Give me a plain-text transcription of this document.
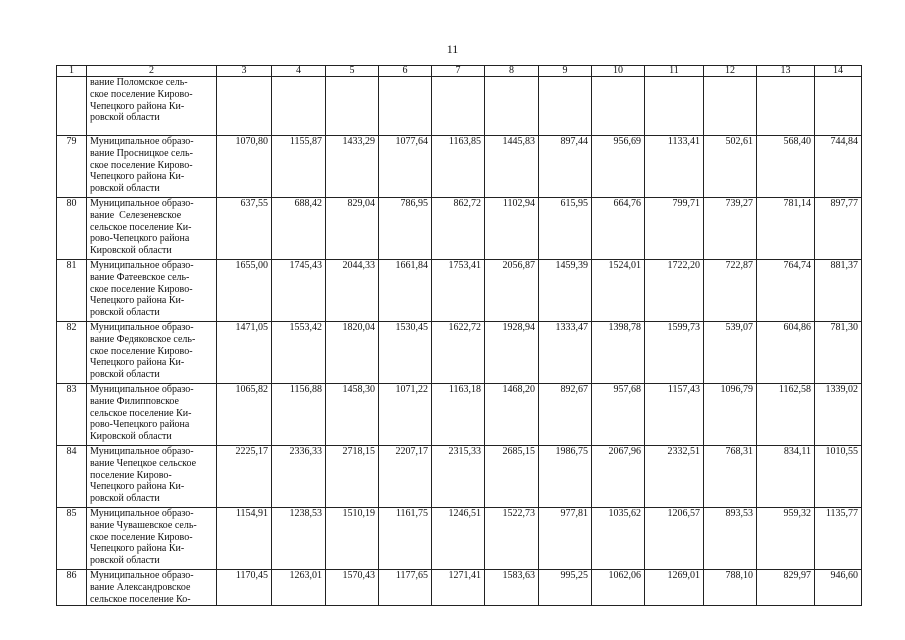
11
1	2	3	4	5	6	7	8	9	10	11	12	13	14
	вание Поломское сель-
ское поселение Кирово-
Чепецкого района Ки-
ровской области												
79	Муниципальное образо-
вание Просницкое сель-
ское поселение Кирово-
Чепецкого района Ки-
ровской области	1070,80	1155,87	1433,29	1077,64	1163,85	1445,83	897,44	956,69	1133,41	502,61	568,40	744,84
80	Муниципальное образо-
вание  Селезеневское
сельское поселение Ки-
рово-Чепецкого района
Кировской области	637,55	688,42	829,04	786,95	862,72	1102,94	615,95	664,76	799,71	739,27	781,14	897,77
81	Муниципальное образо-
вание Фатеевское сель-
ское поселение Кирово-
Чепецкого района Ки-
ровской области	1655,00	1745,43	2044,33	1661,84	1753,41	2056,87	1459,39	1524,01	1722,20	722,87	764,74	881,37
82	Муниципальное образо-
вание Федяковское сель-
ское поселение Кирово-
Чепецкого района Ки-
ровской области	1471,05	1553,42	1820,04	1530,45	1622,72	1928,94	1333,47	1398,78	1599,73	539,07	604,86	781,30
83	Муниципальное образо-
вание Филипповское
сельское поселение Ки-
рово-Чепецкого района
Кировской области	1065,82	1156,88	1458,30	1071,22	1163,18	1468,20	892,67	957,68	1157,43	1096,79	1162,58	1339,02
84	Муниципальное образо-
вание Чепецкое сельское
поселение Кирово-
Чепецкого района Ки-
ровской области	2225,17	2336,33	2718,15	2207,17	2315,33	2685,15	1986,75	2067,96	2332,51	768,31	834,11	1010,55
85	Муниципальное образо-
вание Чувашевское сель-
ское поселение Кирово-
Чепецкого района Ки-
ровской области	1154,91	1238,53	1510,19	1161,75	1246,51	1522,73	977,81	1035,62	1206,57	893,53	959,32	1135,77
86	Муниципальное образо-
вание Александровское
сельское поселение Ко-	1170,45	1263,01	1570,43	1177,65	1271,41	1583,63	995,25	1062,06	1269,01	788,10	829,97	946,60
